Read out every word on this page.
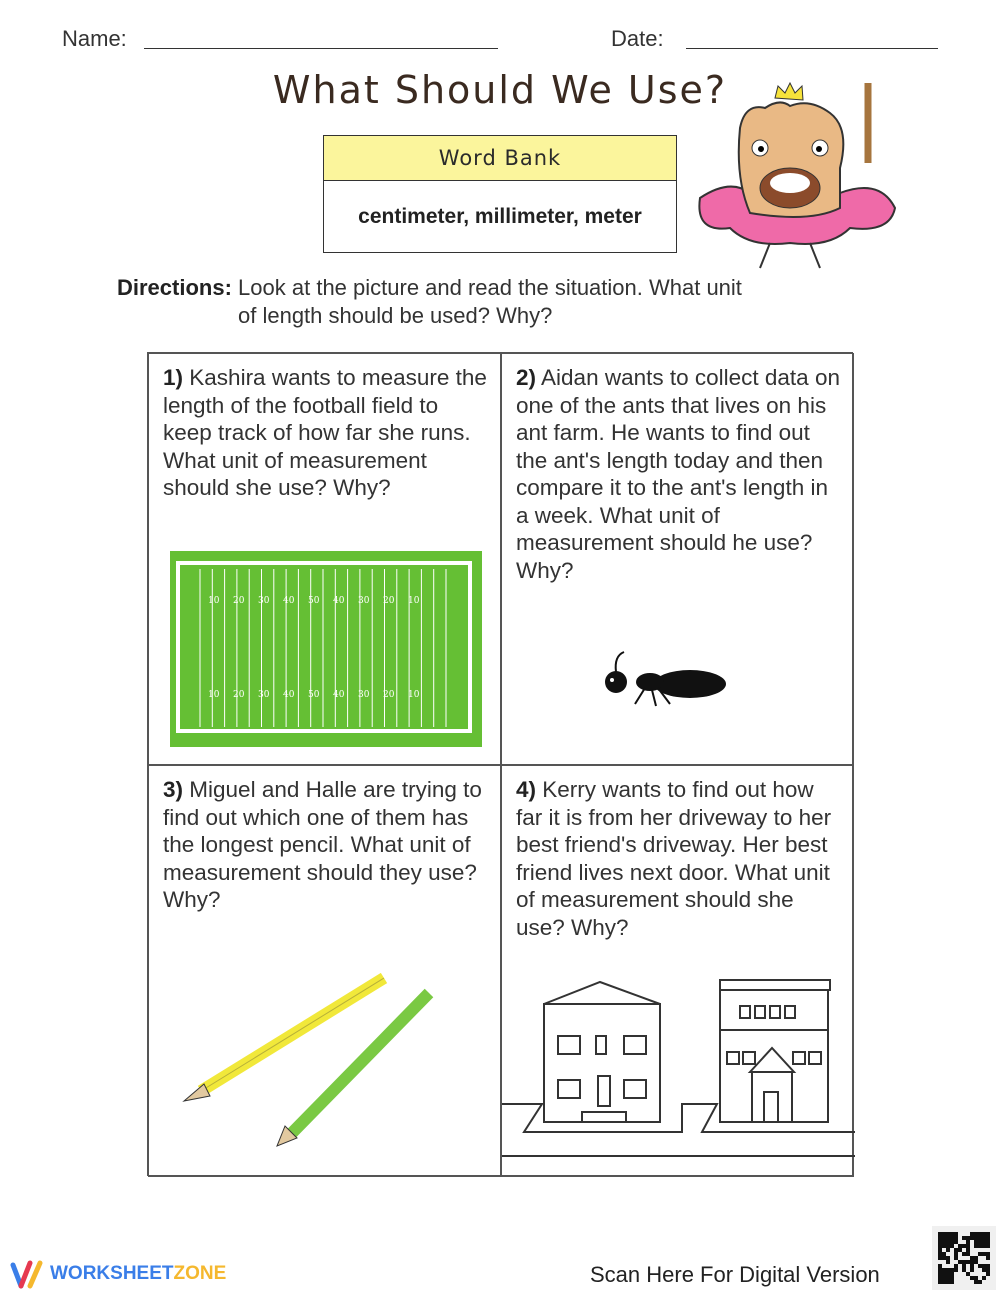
Name:	Date:
What Should We Use?
Word Bank
centimeter, millimeter, meter
Directions: Look at the picture and read the situation. What unit
of length should be used? Why?
1) Kashira wants to measure the length of the football field to keep track of how far she runs. What unit of measurement should she use? Why?
10
10
20
20
30
30
40
40
50
50
40
40
30
30
20
20
10
10
2) Aidan wants to collect data on one of the ants that lives on his ant farm. He wants to find out the ant's length today and then compare it to the ant's length in a week. What unit of measurement should he use? Why?
3) Miguel and Halle are trying to find out which one of them has the longest pencil. What unit of measurement should they use? Why?
4) Kerry wants to find out how far it is from her driveway to her best friend's driveway. Her best friend lives next door. What unit of measurement should she use? Why?
WORKSHEETZONE	Scan Here For Digital Version
